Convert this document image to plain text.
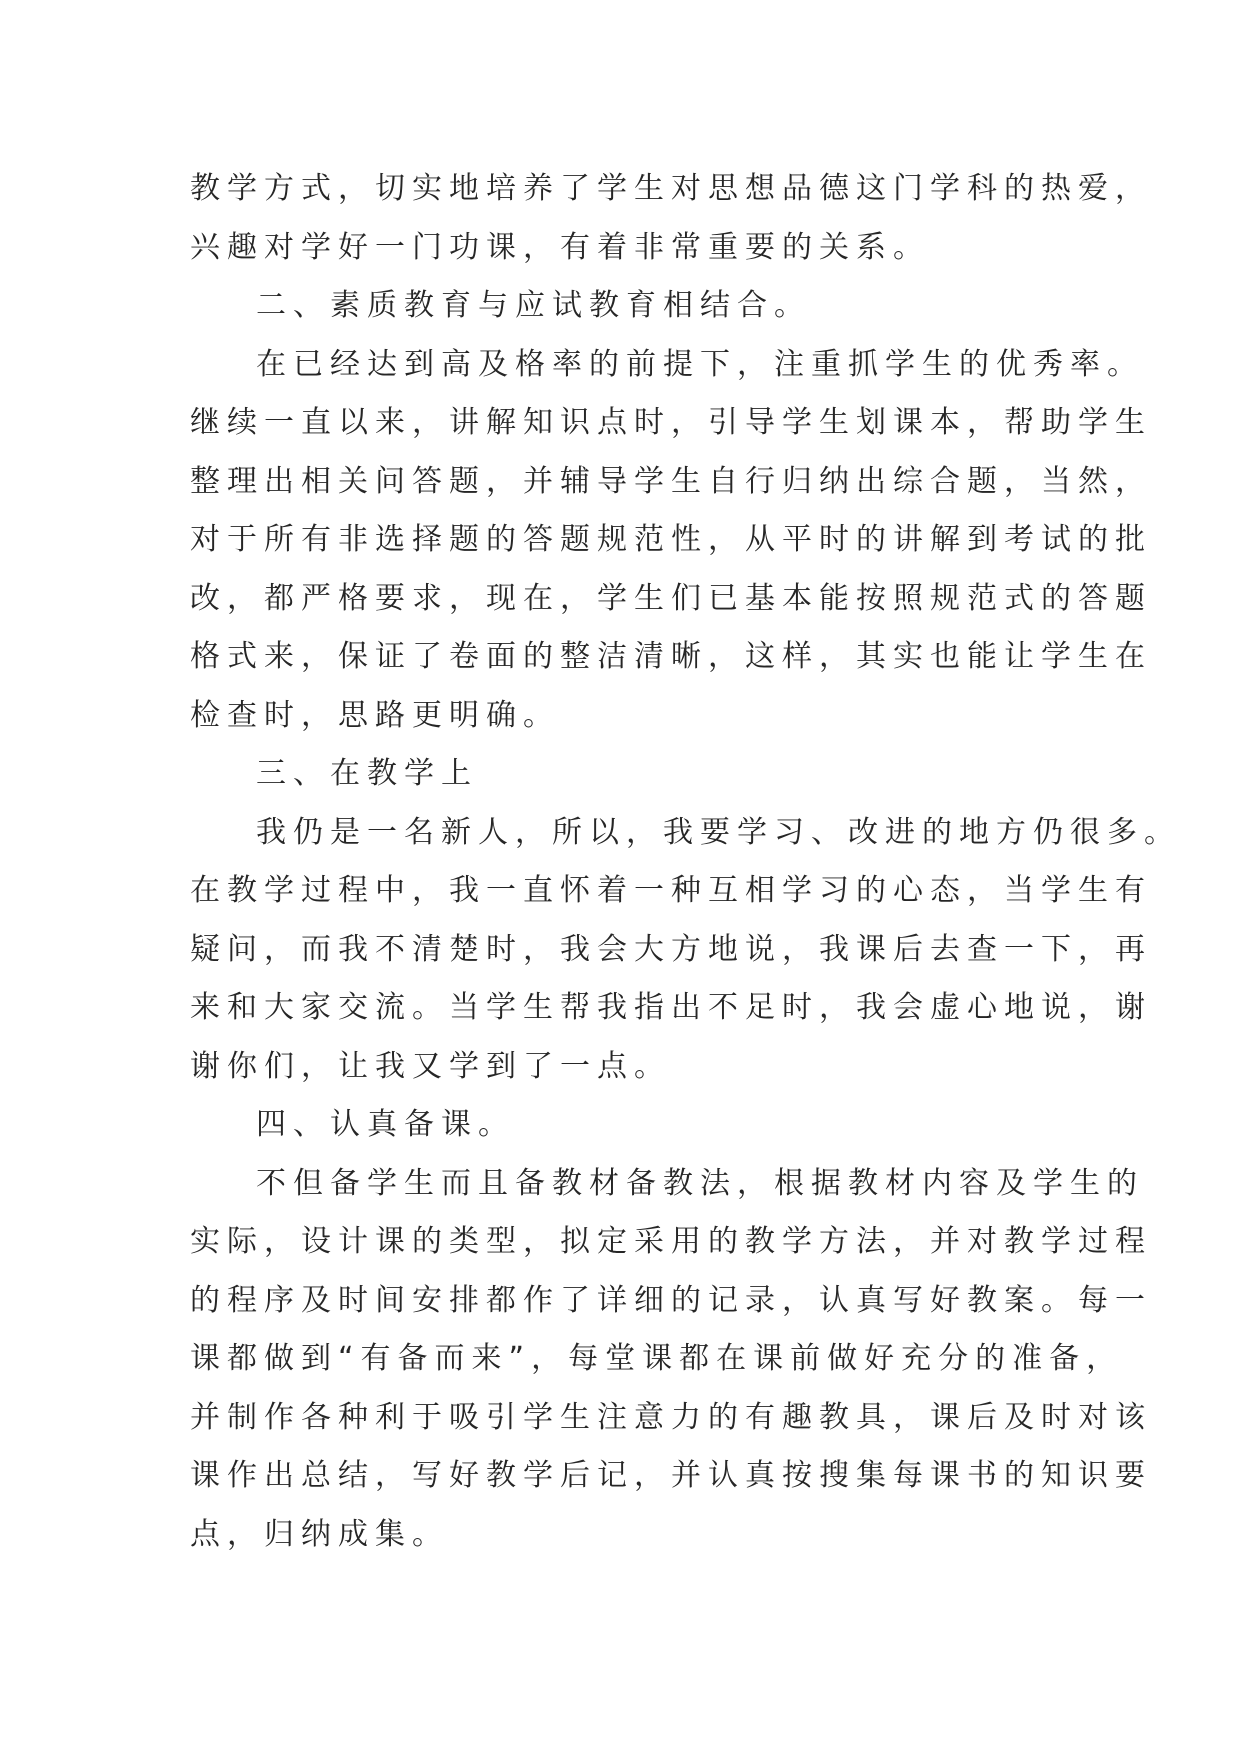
教学方式，切实地培养了学生对思想品德这门学科的热爱，
兴趣对学好一门功课，有着非常重要的关系。
二、素质教育与应试教育相结合。
在已经达到高及格率的前提下，注重抓学生的优秀率。
继续一直以来，讲解知识点时，引导学生划课本，帮助学生
整理出相关问答题，并辅导学生自行归纳出综合题，当然，
对于所有非选择题的答题规范性，从平时的讲解到考试的批
改，都严格要求，现在，学生们已基本能按照规范式的答题
格式来，保证了卷面的整洁清晰，这样，其实也能让学生在
检查时，思路更明确。
三、在教学上
我仍是一名新人，所以，我要学习、改进的地方仍很多。
在教学过程中，我一直怀着一种互相学习的心态，当学生有
疑问，而我不清楚时，我会大方地说，我课后去查一下，再
来和大家交流。当学生帮我指出不足时，我会虚心地说，谢
谢你们，让我又学到了一点。
四、认真备课。
不但备学生而且备教材备教法，根据教材内容及学生的
实际，设计课的类型，拟定采用的教学方法，并对教学过程
的程序及时间安排都作了详细的记录，认真写好教案。每一
课都做到“有备而来”，每堂课都在课前做好充分的准备，
并制作各种利于吸引学生注意力的有趣教具，课后及时对该
课作出总结，写好教学后记，并认真按搜集每课书的知识要
点，归纳成集。
